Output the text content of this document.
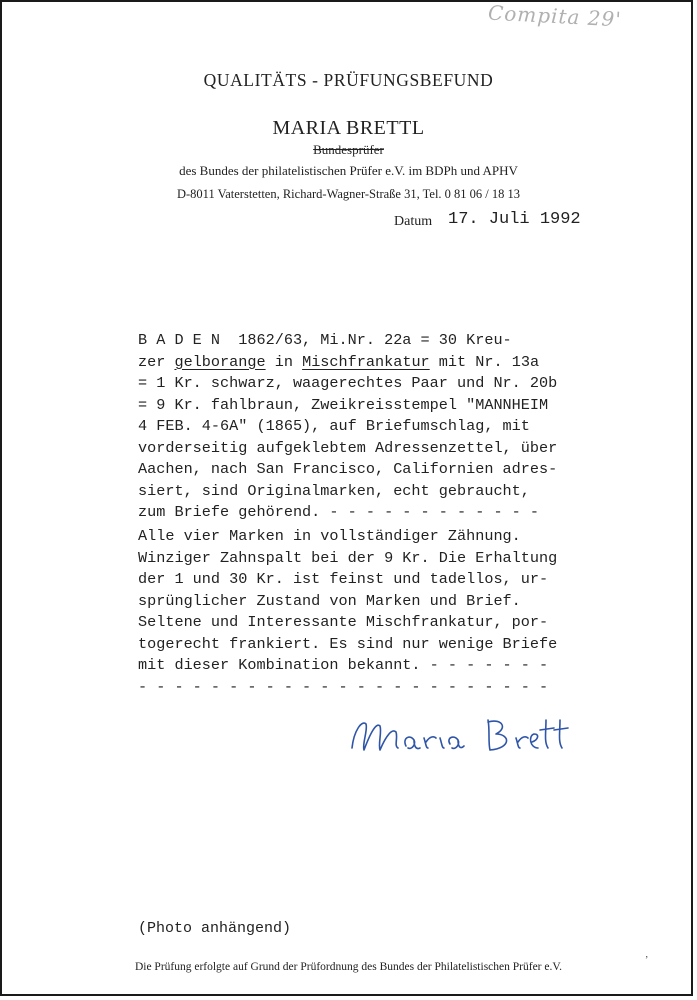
Compita 29'
QUALITÄTS - PRÜFUNGSBEFUND
MARIA BRETTL
Bundesprüfer
des Bundes der philatelistischen Prüfer e.V. im BDPh und APHV
D-8011 Vaterstetten, Richard-Wagner-Straße 31, Tel. 0 81 06 / 18 13
Datum 17. Juli 1992
B A D E N  1862/63, Mi.Nr. 22a = 30 Kreu-
zer gelborange in Mischfrankatur mit Nr. 13a
= 1 Kr. schwarz, waagerechtes Paar und Nr. 20b
= 9 Kr. fahlbraun, Zweikreisstempel "MANNHEIM
4 FEB. 4-6A" (1865), auf Briefumschlag, mit
vorderseitig aufgeklebtem Adressenzettel, über
Aachen, nach San Francisco, Californien adres-
siert, sind Originalmarken, echt gebraucht,
zum Briefe gehörend. - - - - - - - - - - - -
Alle vier Marken in vollständiger Zähnung.
Winziger Zahnspalt bei der 9 Kr. Die Erhaltung
der 1 und 30 Kr. ist feinst und tadellos, ur-
sprünglicher Zustand von Marken und Brief.
Seltene und Interessante Mischfrankatur, por-
togerecht frankiert. Es sind nur wenige Briefe
mit dieser Kombination bekannt. - - - - - - -
- - - - - - - - - - - - - - - - - - - - - - -
(Photo anhängend)
Die Prüfung erfolgte auf Grund der Prüfordnung des Bundes der Philatelistischen Prüfer e.V.
ʼ
